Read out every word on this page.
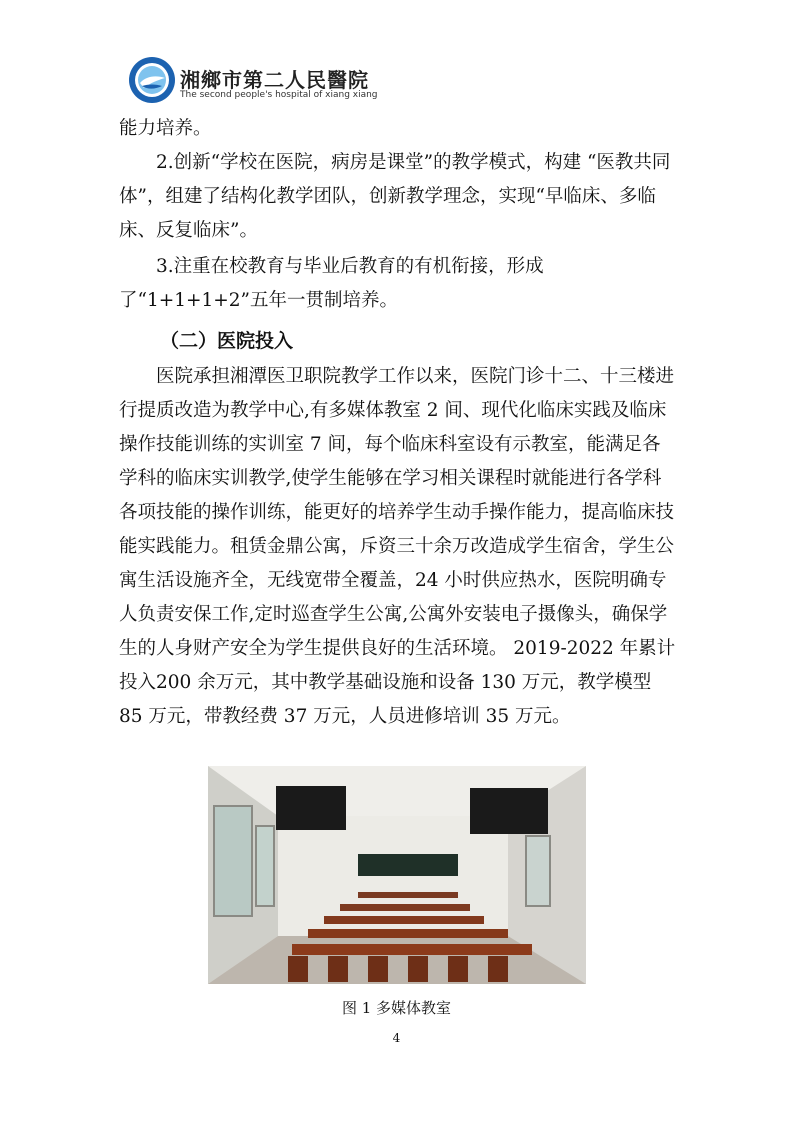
湘鄉市第二人民醫院
The second people's hospital of xiang xiang
能力培养。
2.创新“学校在医院，病房是课堂”的教学模式，构建 “医教共同体”，组建了结构化教学团队，创新教学理念，实现“早临床、多临床、反复临床”。
3.注重在校教育与毕业后教育的有机衔接，形成了“1+1+1+2”五年一贯制培养。
（二）医院投入
医院承担湘潭医卫职院教学工作以来，医院门诊十二、十三楼进行提质改造为教学中心,有多媒体教室 2 间、现代化临床实践及临床操作技能训练的实训室 7 间，每个临床科室设有示教室，能满足各学科的临床实训教学,使学生能够在学习相关课程时就能进行各学科各项技能的操作训练，能更好的培养学生动手操作能力，提高临床技能实践能力。租赁金鼎公寓，斥资三十余万改造成学生宿舍，学生公寓生活设施齐全，无线宽带全覆盖，24 小时供应热水，医院明确专人负责安保工作,定时巡查学生公寓,公寓外安装电子摄像头，确保学生的人身财产安全为学生提供良好的生活环境。 2019-2022 年累计投入200 余万元，其中教学基础设施和设备 130 万元，教学模型 85 万元，带教经费 37 万元，人员进修培训 35 万元。
图 1 多媒体教室
4
